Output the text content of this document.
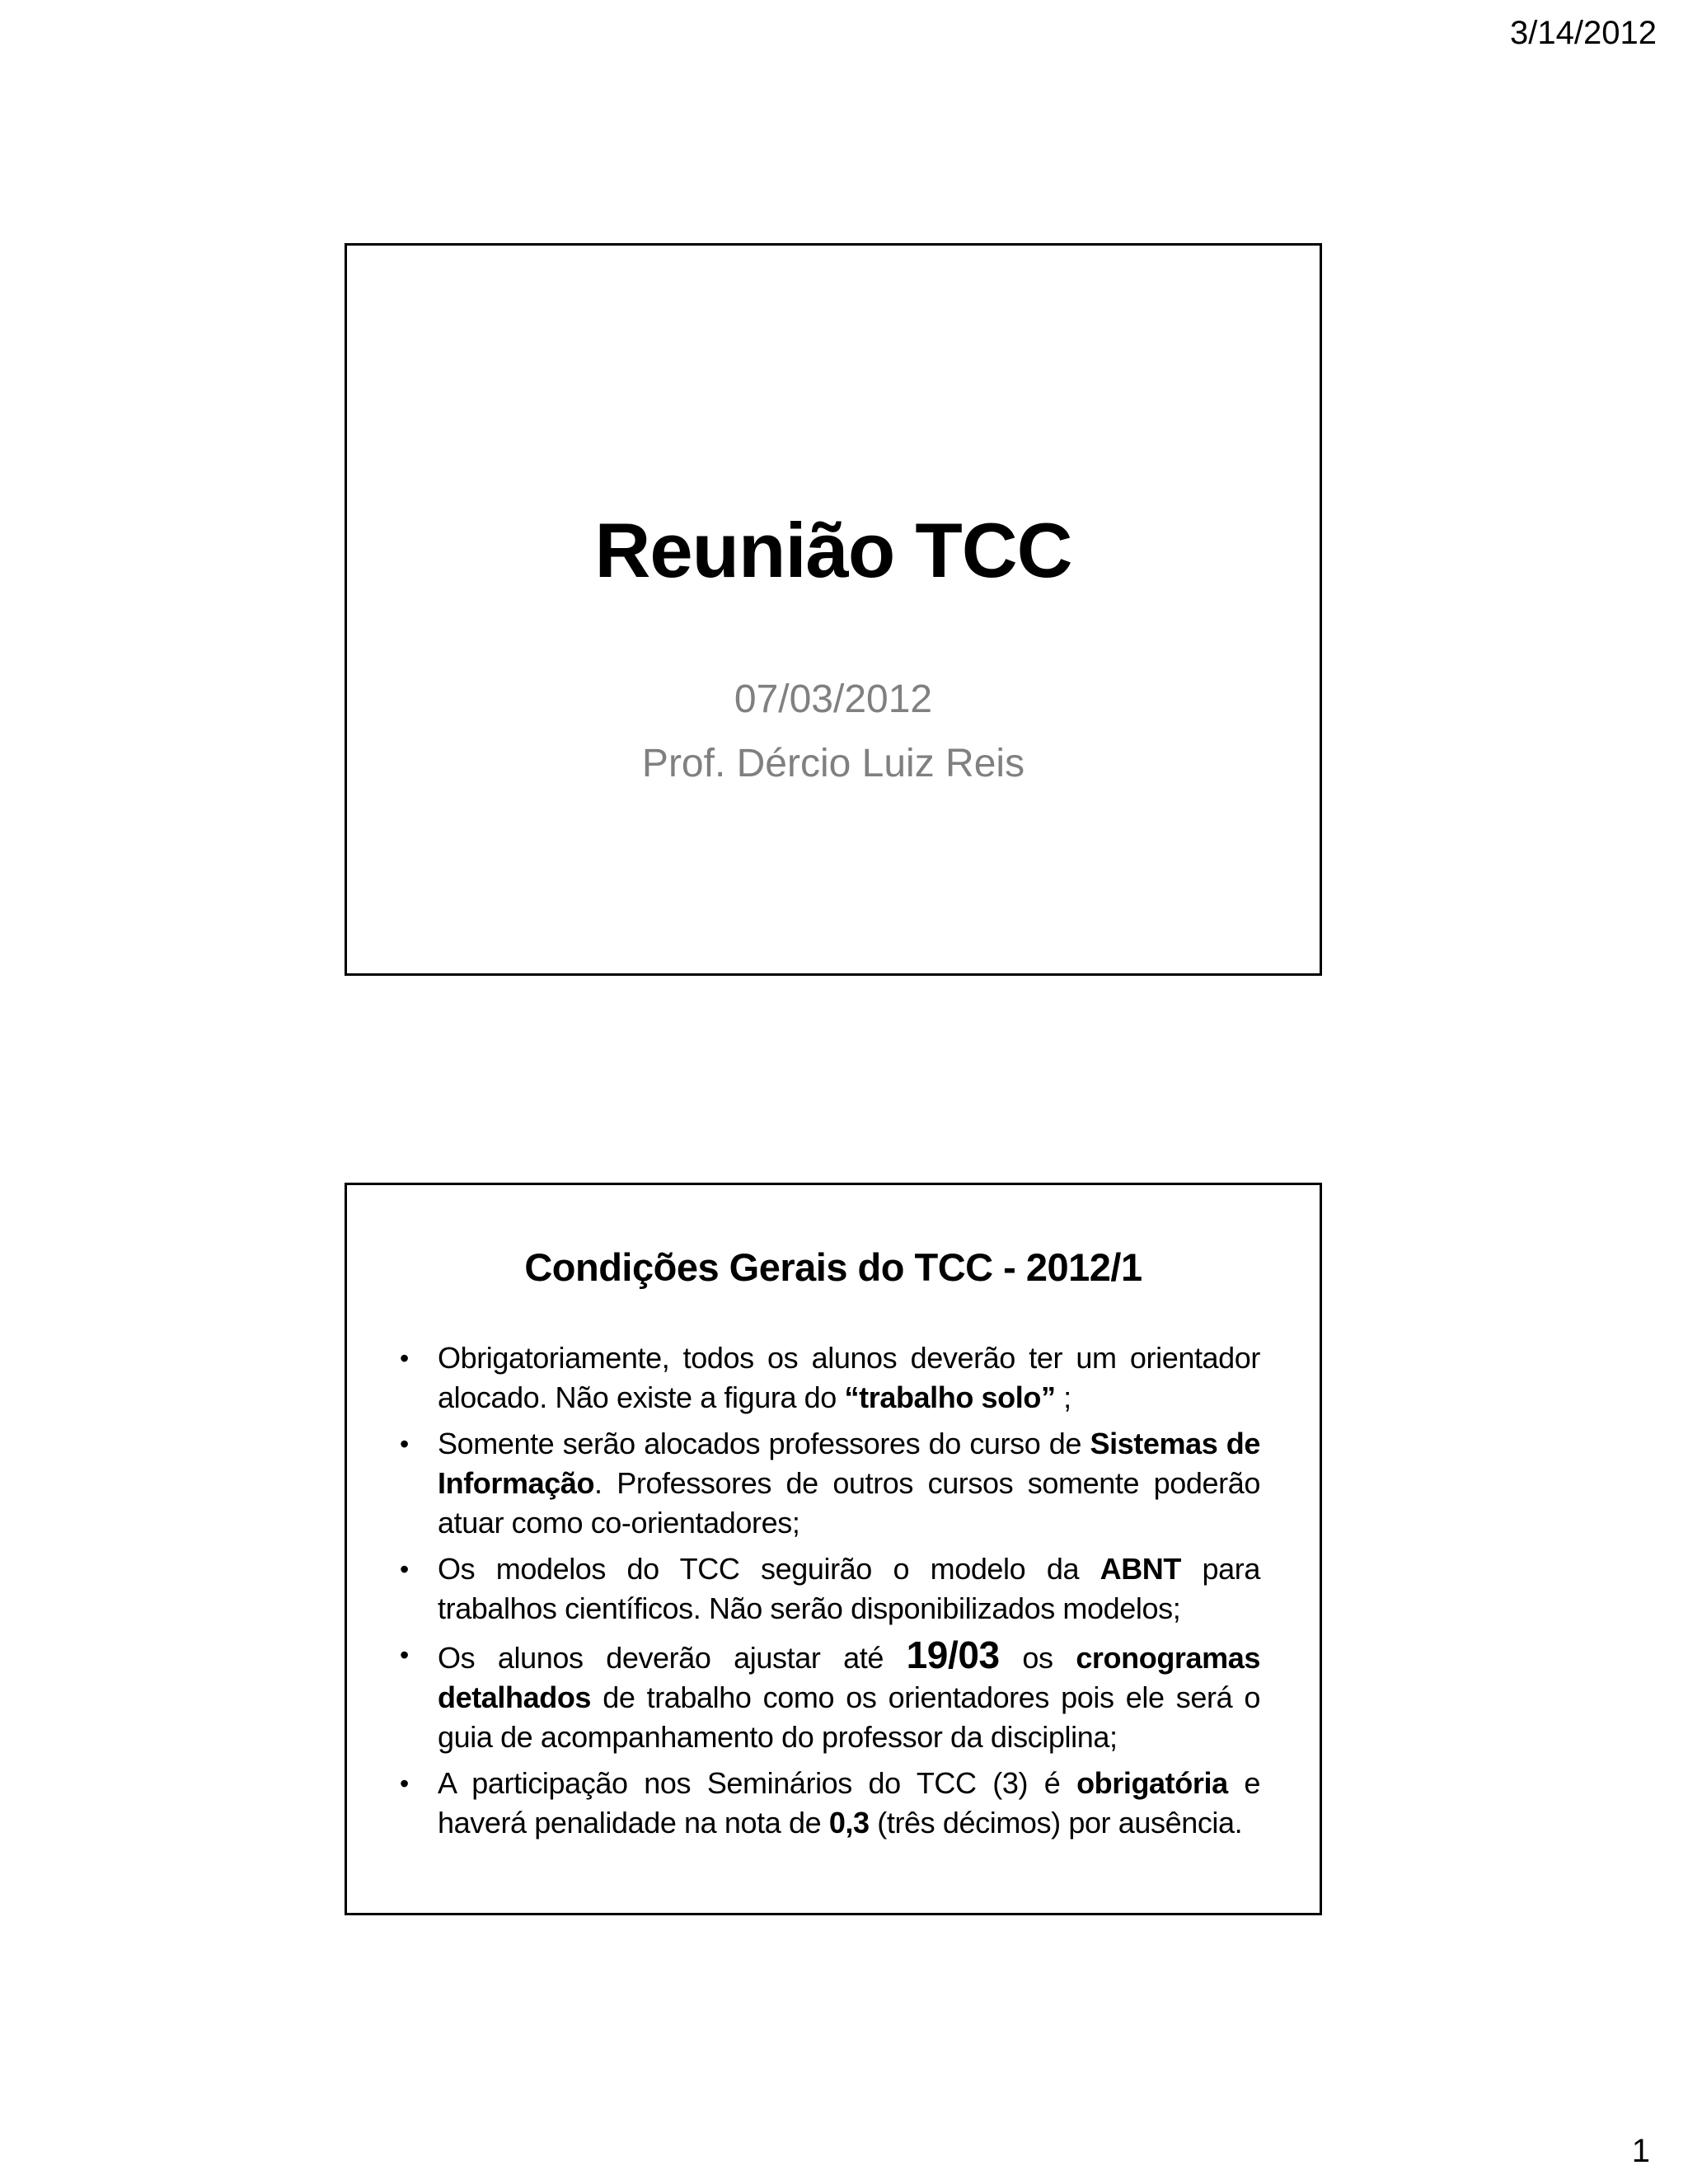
3/14/2012
Reunião TCC
07/03/2012
Prof. Dércio Luiz Reis
Condições Gerais do TCC - 2012/1
• Obrigatoriamente, todos os alunos deverão ter um orientador alocado. Não existe a figura do “trabalho solo” ;
• Somente serão alocados professores do curso de Sistemas de Informação. Professores de outros cursos somente poderão atuar como co-orientadores;
• Os modelos do TCC seguirão o modelo da ABNT para trabalhos científicos. Não serão disponibilizados modelos;
• Os alunos deverão ajustar até 19/03 os cronogramas detalhados de trabalho como os orientadores pois ele será o guia de acompanhamento do professor da disciplina;
• A participação nos Seminários do TCC (3) é obrigatória e haverá penalidade na nota de 0,3 (três décimos) por ausência.
1
